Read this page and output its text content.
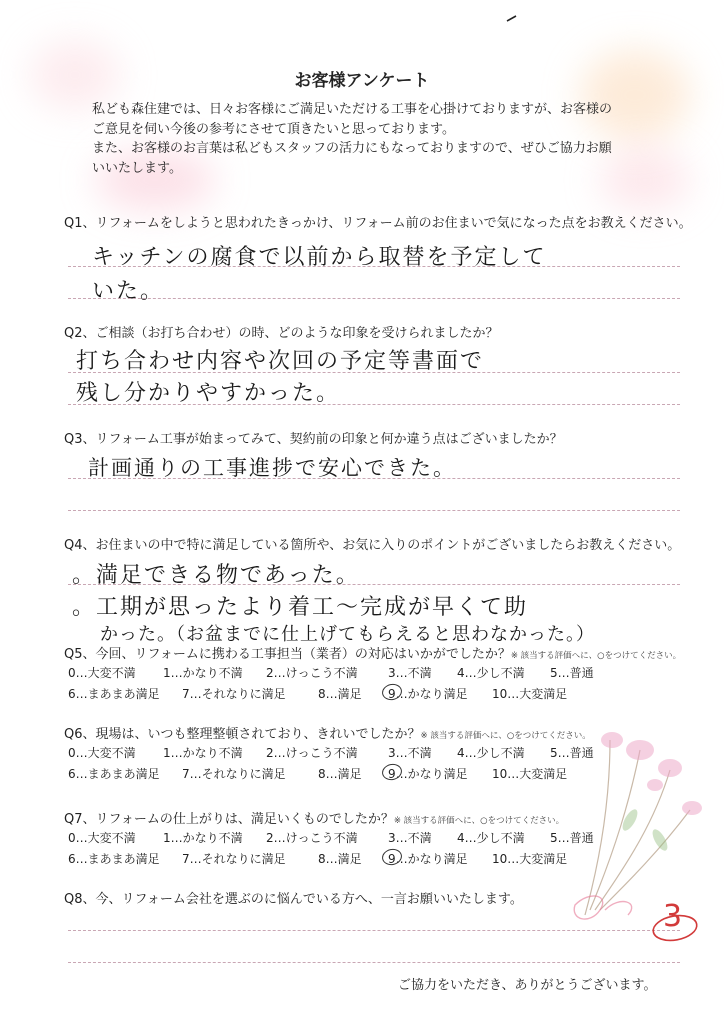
お客様アンケート
私ども森住建では、日々お客様にご満足いただける工事を心掛けておりますが、お客様の
ご意見を伺い今後の参考にさせて頂きたいと思っております。
また、お客様のお言葉は私どもスタッフの活力にもなっておりますので、ぜひご協力お願
いいたします。
Q1、リフォームをしようと思われたきっかけ、リフォーム前のお住まいで気になった点をお教えください。
キッチンの腐食で以前から取替を予定して
いた。
Q2、ご相談（お打ち合わせ）の時、どのような印象を受けられましたか？
打ち合わせ内容や次回の予定等書面で
残し分かりやすかった。
Q3、リフォーム工事が始まってみて、契約前の印象と何か違う点はございましたか？
計画通りの工事進捗で安心できた。
Q4、お住まいの中で特に満足している箇所や、お気に入りのポイントがございましたらお教えください。
。満足できる物であった。
。工期が思ったより着工～完成が早くて助
かった。（お盆までに仕上げてもらえると思わなかった。）
Q5、今回、リフォームに携わる工事担当（業者）の対応はいかがでしたか？※ 該当する評価へに、○をつけてください。
0…大変不満 1…かなり不満 2…けっこう不満	3…不満 4…少し不満 5…普通
6…まあまあ満足 7…それなりに満足	8…満足 9…かなり満足 10…大変満足
Q6、現場は、いつも整理整頓されており、きれいでしたか？※ 該当する評価へに、○をつけてください。
0…大変不満 1…かなり不満 2…けっこう不満	3…不満 4…少し不満 5…普通
6…まあまあ満足 7…それなりに満足	8…満足 9…かなり満足 10…大変満足
Q7、リフォームの仕上がりは、満足いくものでしたか？※ 該当する評価へに、○をつけてください。
0…大変不満 1…かなり不満 2…けっこう不満	3…不満 4…少し不満 5…普通
6…まあまあ満足 7…それなりに満足	8…満足 9…かなり満足 10…大変満足
Q8、今、リフォーム会社を選ぶのに悩んでいる方へ、一言お願いいたします。
ご協力をいただき、ありがとうございます。
3
